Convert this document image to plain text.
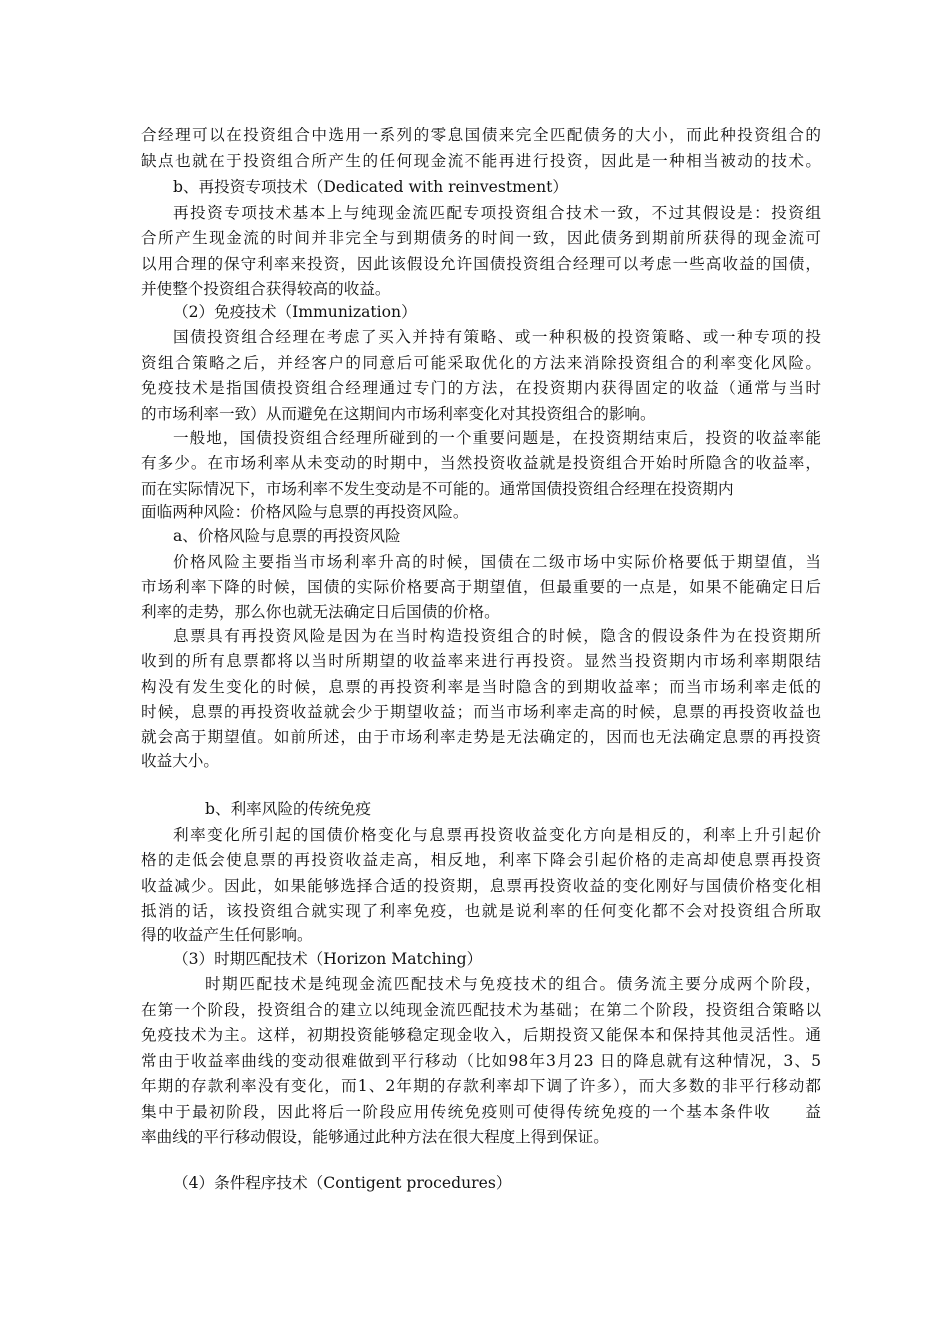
合经理可以在投资组合中选用一系列的零息国债来完全匹配债务的大小，而此种投资组合的
缺点也就在于投资组合所产生的任何现金流不能再进行投资，因此是一种相当被动的技术。
b、再投资专项技术（Dedicated with reinvestment）
再投资专项技术基本上与纯现金流匹配专项投资组合技术一致，不过其假设是：投资组
合所产生现金流的时间并非完全与到期债务的时间一致，因此债务到期前所获得的现金流可
以用合理的保守利率来投资，因此该假设允许国债投资组合经理可以考虑一些高收益的国债，
并使整个投资组合获得较高的收益。
（2）免疫技术（Immunization）
国债投资组合经理在考虑了买入并持有策略、或一种积极的投资策略、或一种专项的投
资组合策略之后，并经客户的同意后可能采取优化的方法来消除投资组合的利率变化风险。
免疫技术是指国债投资组合经理通过专门的方法，在投资期内获得固定的收益（通常与当时
的市场利率一致）从而避免在这期间内市场利率变化对其投资组合的影响。
一般地，国债投资组合经理所碰到的一个重要问题是，在投资期结束后，投资的收益率能
有多少。在市场利率从未变动的时期中，当然投资收益就是投资组合开始时所隐含的收益率，
而在实际情况下，市场利率不发生变动是不可能的。通常国债投资组合经理在投资期内
面临两种风险：价格风险与息票的再投资风险。
a、价格风险与息票的再投资风险
价格风险主要指当市场利率升高的时候，国债在二级市场中实际价格要低于期望值，当
市场利率下降的时候，国债的实际价格要高于期望值，但最重要的一点是，如果不能确定日后
利率的走势，那么你也就无法确定日后国债的价格。
息票具有再投资风险是因为在当时构造投资组合的时候，隐含的假设条件为在投资期所
收到的所有息票都将以当时所期望的收益率来进行再投资。显然当投资期内市场利率期限结
构没有发生变化的时候，息票的再投资利率是当时隐含的到期收益率；而当市场利率走低的
时候，息票的再投资收益就会少于期望收益；而当市场利率走高的时候，息票的再投资收益也
就会高于期望值。如前所述，由于市场利率走势是无法确定的，因而也无法确定息票的再投资
收益大小。
b、利率风险的传统免疫
利率变化所引起的国债价格变化与息票再投资收益变化方向是相反的，利率上升引起价
格的走低会使息票的再投资收益走高，相反地，利率下降会引起价格的走高却使息票再投资
收益减少。因此，如果能够选择合适的投资期，息票再投资收益的变化刚好与国债价格变化相
抵消的话，该投资组合就实现了利率免疫，也就是说利率的任何变化都不会对投资组合所取
得的收益产生任何影响。
（3）时期匹配技术（Horizon Matching）
时期匹配技术是纯现金流匹配技术与免疫技术的组合。债务流主要分成两个阶段，
在第一个阶段，投资组合的建立以纯现金流匹配技术为基础；在第二个阶段，投资组合策略以
免疫技术为主。这样，初期投资能够稳定现金收入，后期投资又能保本和保持其他灵活性。通
常由于收益率曲线的变动很难做到平行移动（比如98年3月23 日的降息就有这种情况，3、5
年期的存款利率没有变化，而1、2年期的存款利率却下调了许多），而大多数的非平行移动都
集中于最初阶段，因此将后一阶段应用传统免疫则可使得传统免疫的一个基本条件收　　益
率曲线的平行移动假设，能够通过此种方法在很大程度上得到保证。
（4）条件程序技术（Contigent procedures）
